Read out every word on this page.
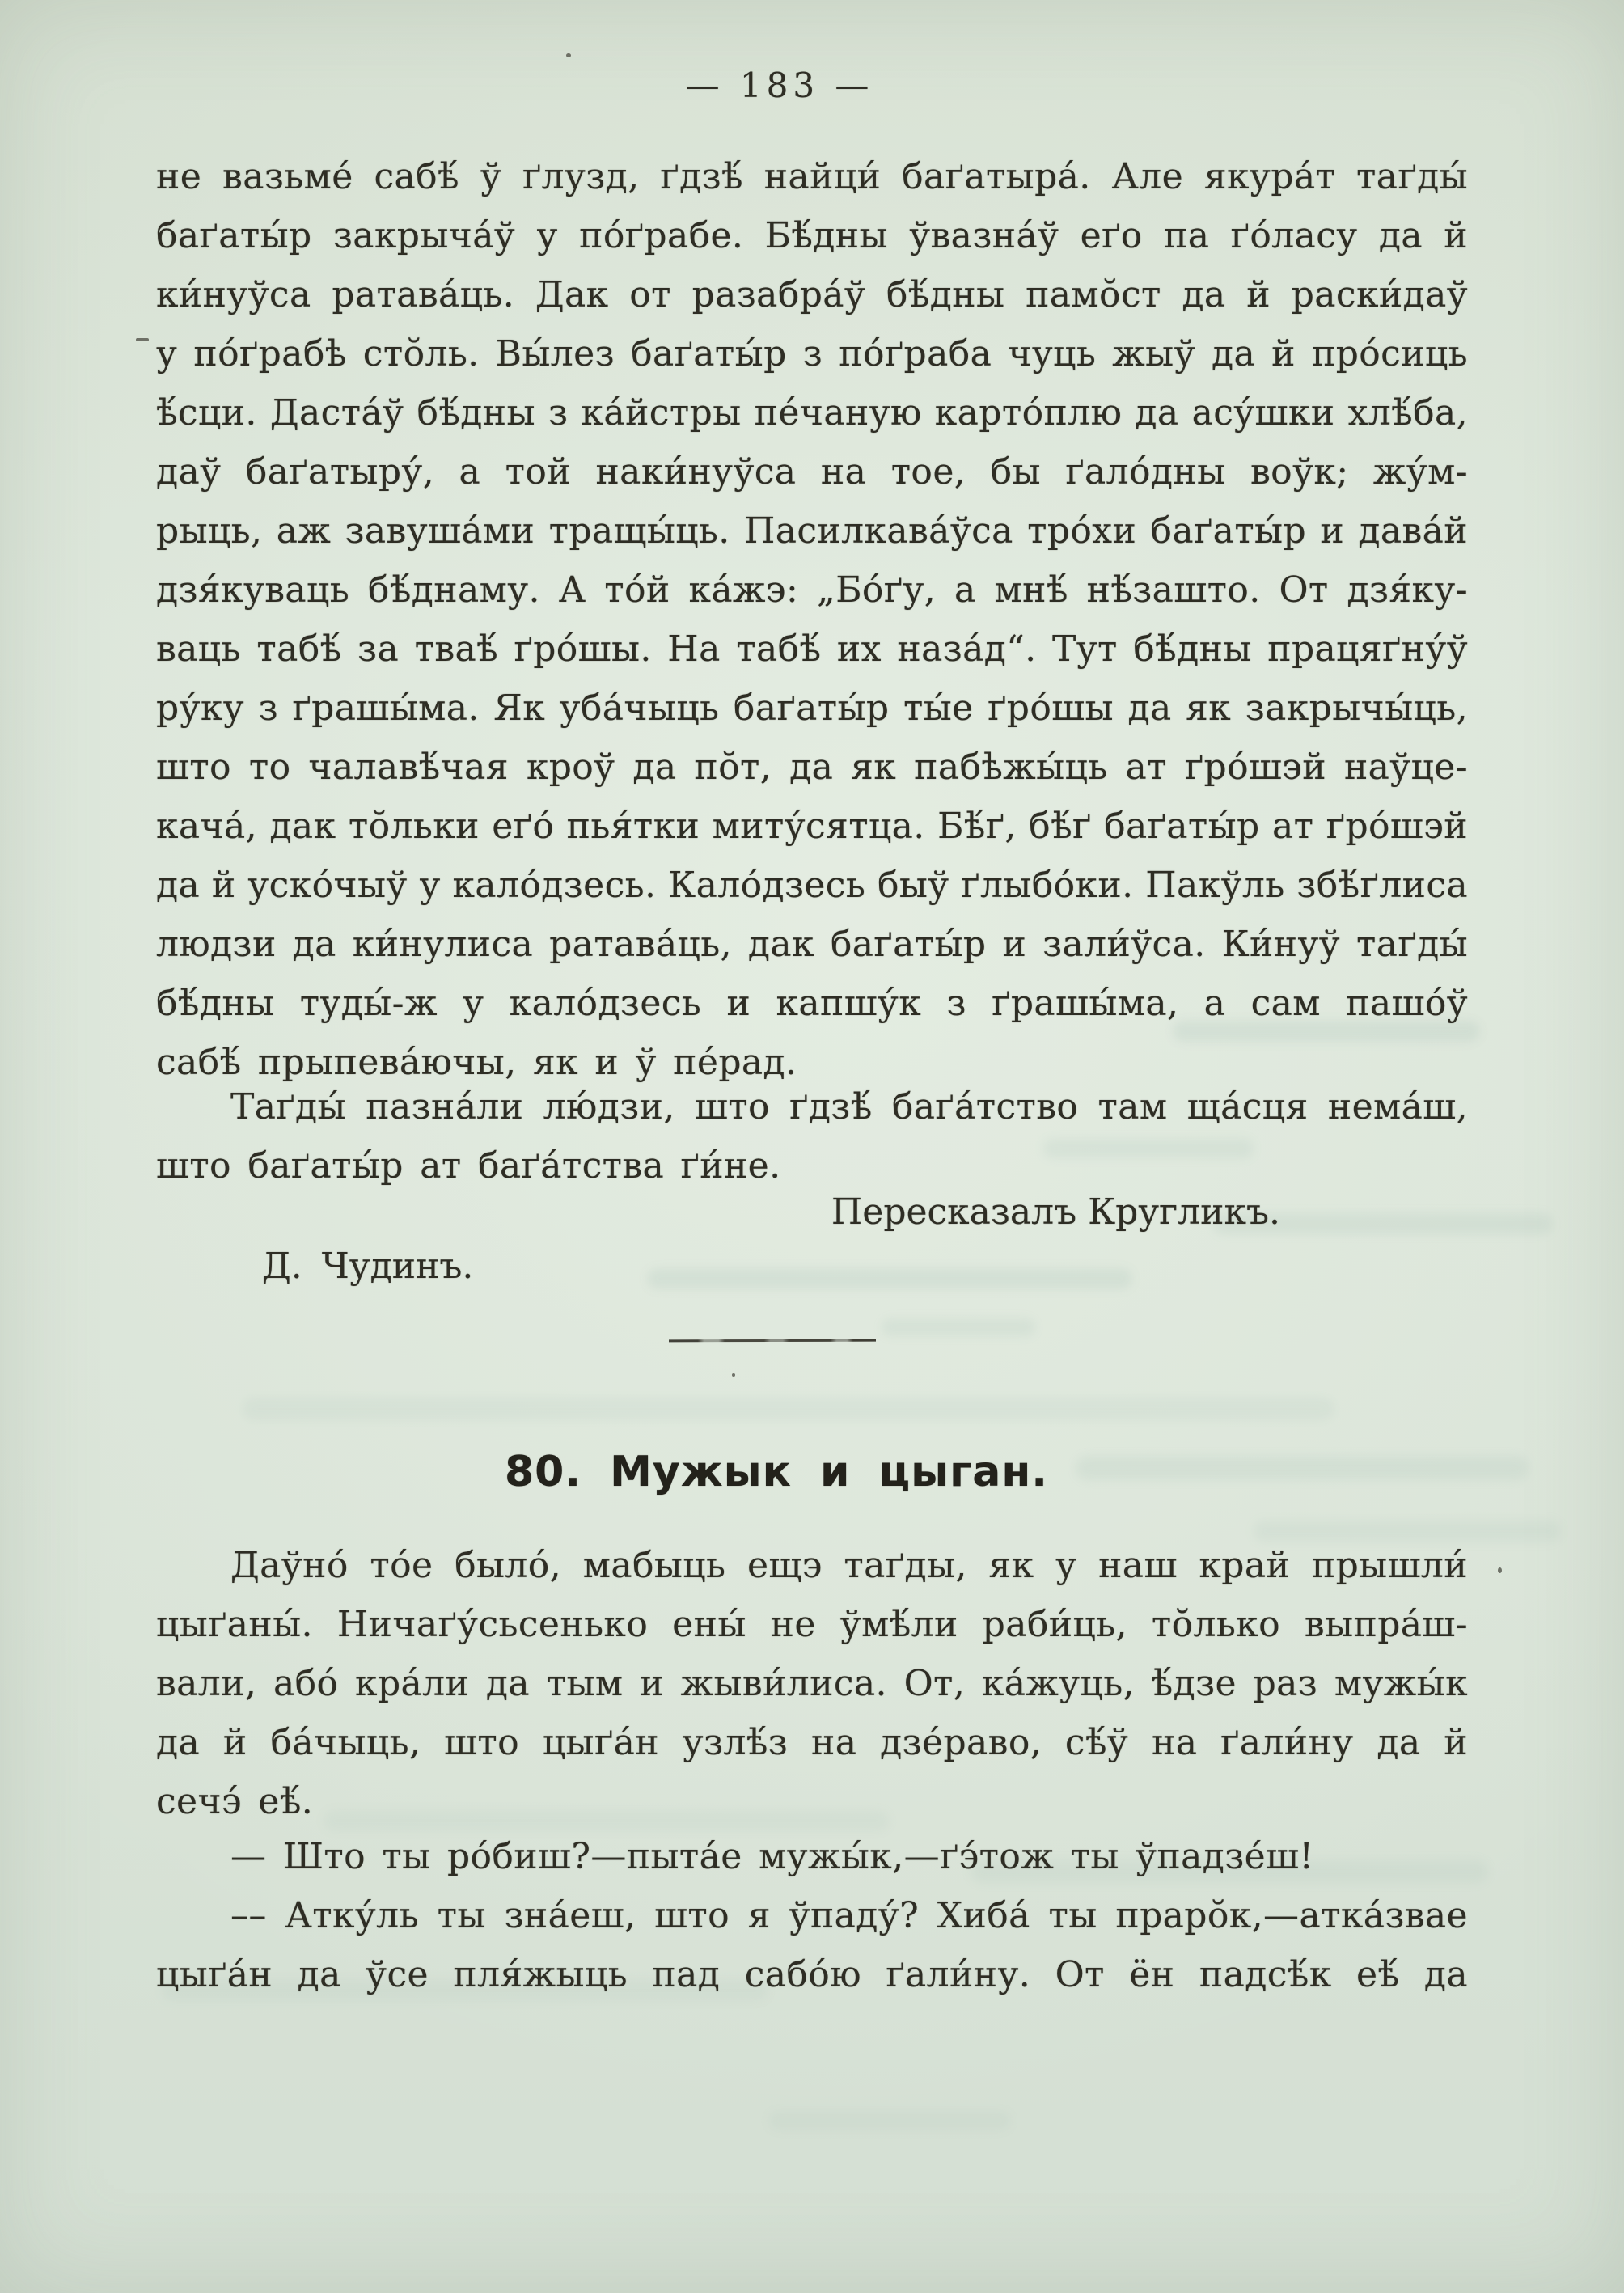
— 183 —
не вазьме́ сабѣ́ ў ґлузд, ґдзѣ́ найци́ баґатыра́. Але якура́т таґды́
баґаты́р закрыча́ў у по́ґрабе. Бѣ́дны ўвазна́ў еґо па ґо́ласу да й
ки́нуўса ратава́ць. Дак от разабра́ў бѣ́дны памо̆ст да й раски́даў
у по́ґрабѣ сто̆ль. Вы́лез баґаты́р з по́ґраба чуць жыў да й про́сиць
ѣ́сци. Даста́ў бѣ́дны з ка́йстры пе́чаную карто́плю да асу́шки хлѣ́ба,
даў баґатыру́, а той наки́нуўса на тое, бы ґало́дны воўк; жу́м-
рыць, аж завуша́ми тращы́ць. Пасилкава́ўса тро́хи баґаты́р и дава́й
дзя́куваць бѣ́днаму. А то́й ка́жэ: „Бо́ґу, а мнѣ́ нѣ́зашто. От дзя́ку-
ваць табѣ́ за тваѣ́ ґро́шы. На табѣ́ их наза́д“. Тут бѣ́дны працяґну́ў
ру́ку з ґрашы́ма. Як уба́чыць баґаты́р ты́е ґро́шы да як закрычы́ць,
што то чалавѣ́чая кроў да по̆т, да як пабѣжы́ць ат ґро́шэй наўце-
кача́, дак то̆льки еґо́ пья́тки миту́сятца. Бѣ́ґ, бѣ́ґ баґаты́р ат ґро́шэй
да й уско́чыў у кало́дзесь. Кало́дзесь быў ґлыбо́ки. Пакўль збѣ́ґлиса
людзи да ки́нулиса ратава́ць, дак баґаты́р и зали́ўса. Ки́нуў таґды́
бѣ́дны туды́-ж у кало́дзесь и капшу́к з ґрашы́ма, а сам пашо́ў
сабѣ́ прыпева́ючы, як и ў пе́рад.
Таґды́ пазна́ли лю́дзи, што ґдзѣ́ баґа́тство там ща́сця нема́ш,
што баґаты́р ат баґа́тства ґи́не.
Пересказалъ Кругликъ.
Д. Чудинъ.
80. Мужык и цыган.
Даўно́ то́е было́, мабыць ещэ таґды, як у наш край прышли́
цыґаны́. Ничаґу́сьсенько ены́ не ўмѣ́ли раби́ць, то̆лько выпра́ш-
вали, або́ кра́ли да тым и жыви́лиса. От, ка́жуць, ѣ́дзе раз мужы́к
да й ба́чыць, што цыґа́н узлѣ́з на дзе́раво, сѣ́ў на ґали́ну да й
сечэ́ еѣ́.
— Што ты ро́биш?—пыта́е мужы́к,—ґэ́тож ты ўпадзе́ш!
–– Атку́ль ты зна́еш, што я ўпаду́? Хиба́ ты праро̆к,—атка́звае
цыґа́н да ўсе пля́жыць пад сабо́ю ґали́ну. От ён падсѣ́к еѣ́ да
